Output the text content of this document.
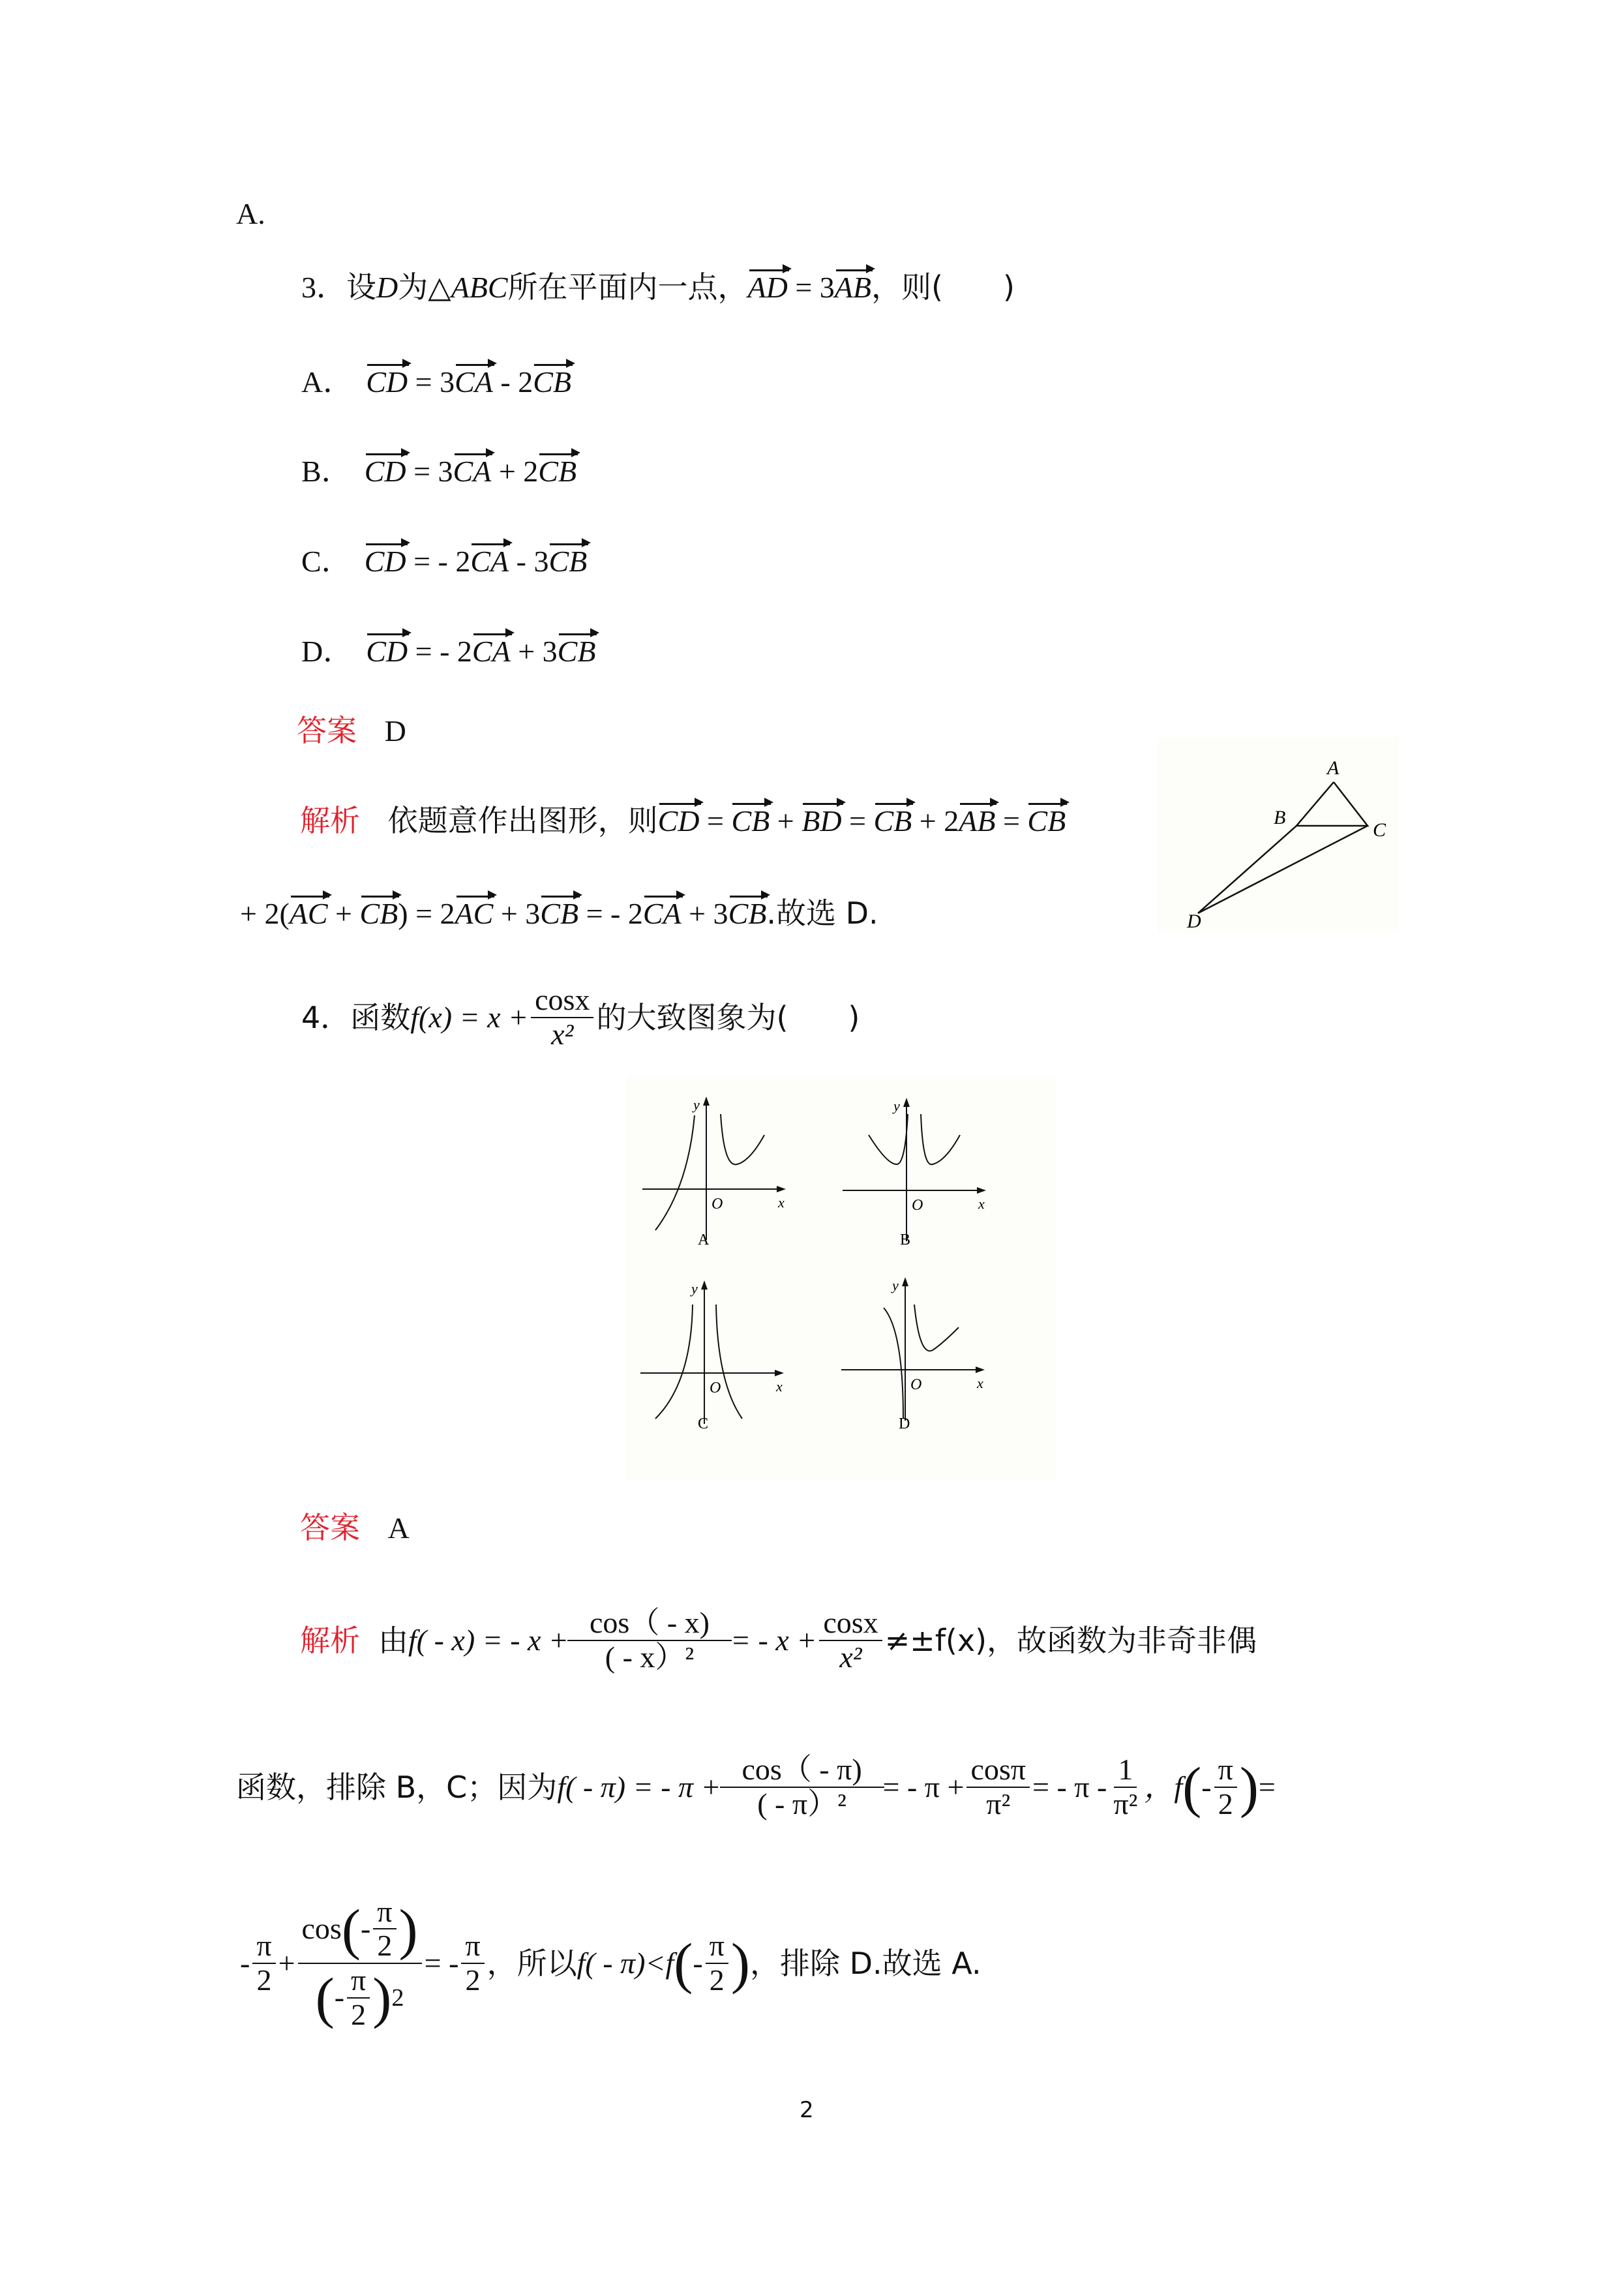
A.
3．设D为△ABC所在平面内一点，AD = 3AB，则(　　)
A． CD = 3CA - 2CB
B． CD = 3CA + 2CB
C． CD = - 2CA - 3CB
D． CD = - 2CA + 3CB
答案 D
解析 依题意作出图形，则CD = CB + BD = CB + 2AB = CB
+ 2(AC + CB) = 2AC + 3CB = - 2CA + 3CB.故选 D.
A
B
C
D
4．函数 $f(x) = x + \frac{\cos x}{\text{x²}}$ 的大致图象为(　　)
y
x
O
A
y
x
O
B
y
x
O
C
y
x
O
D
答案 A
解析 由 f( - x) = - $x + \frac{\cos( - x)}{\text{( - x）²}}$ = - $x + \frac{\cos x}{\text{x²}} \ne\pm f(x)$，故函数为非奇非偶
函数，排除 B，C；因为 f( - π) = - $\pi + \frac{\cos( - \pi)}{\text{( - π）²}}$ = - $\pi + \frac{\cos\pi}{\text{π²}}$ = - π - $\frac{1}{\text{π²}}$ ，f ( - $\frac{\pi}{2}$ ) =
- $\frac{\pi}{2} + \frac{\cos ( - \frac{\pi}{2} )}{( - \frac{\pi}{2} ) 2}$ = - $\frac{\pi}{2}$ ，所以 f( - π)<f ( - $\frac{\pi}{2}$ ) ，排除 D.故选 A.
2
